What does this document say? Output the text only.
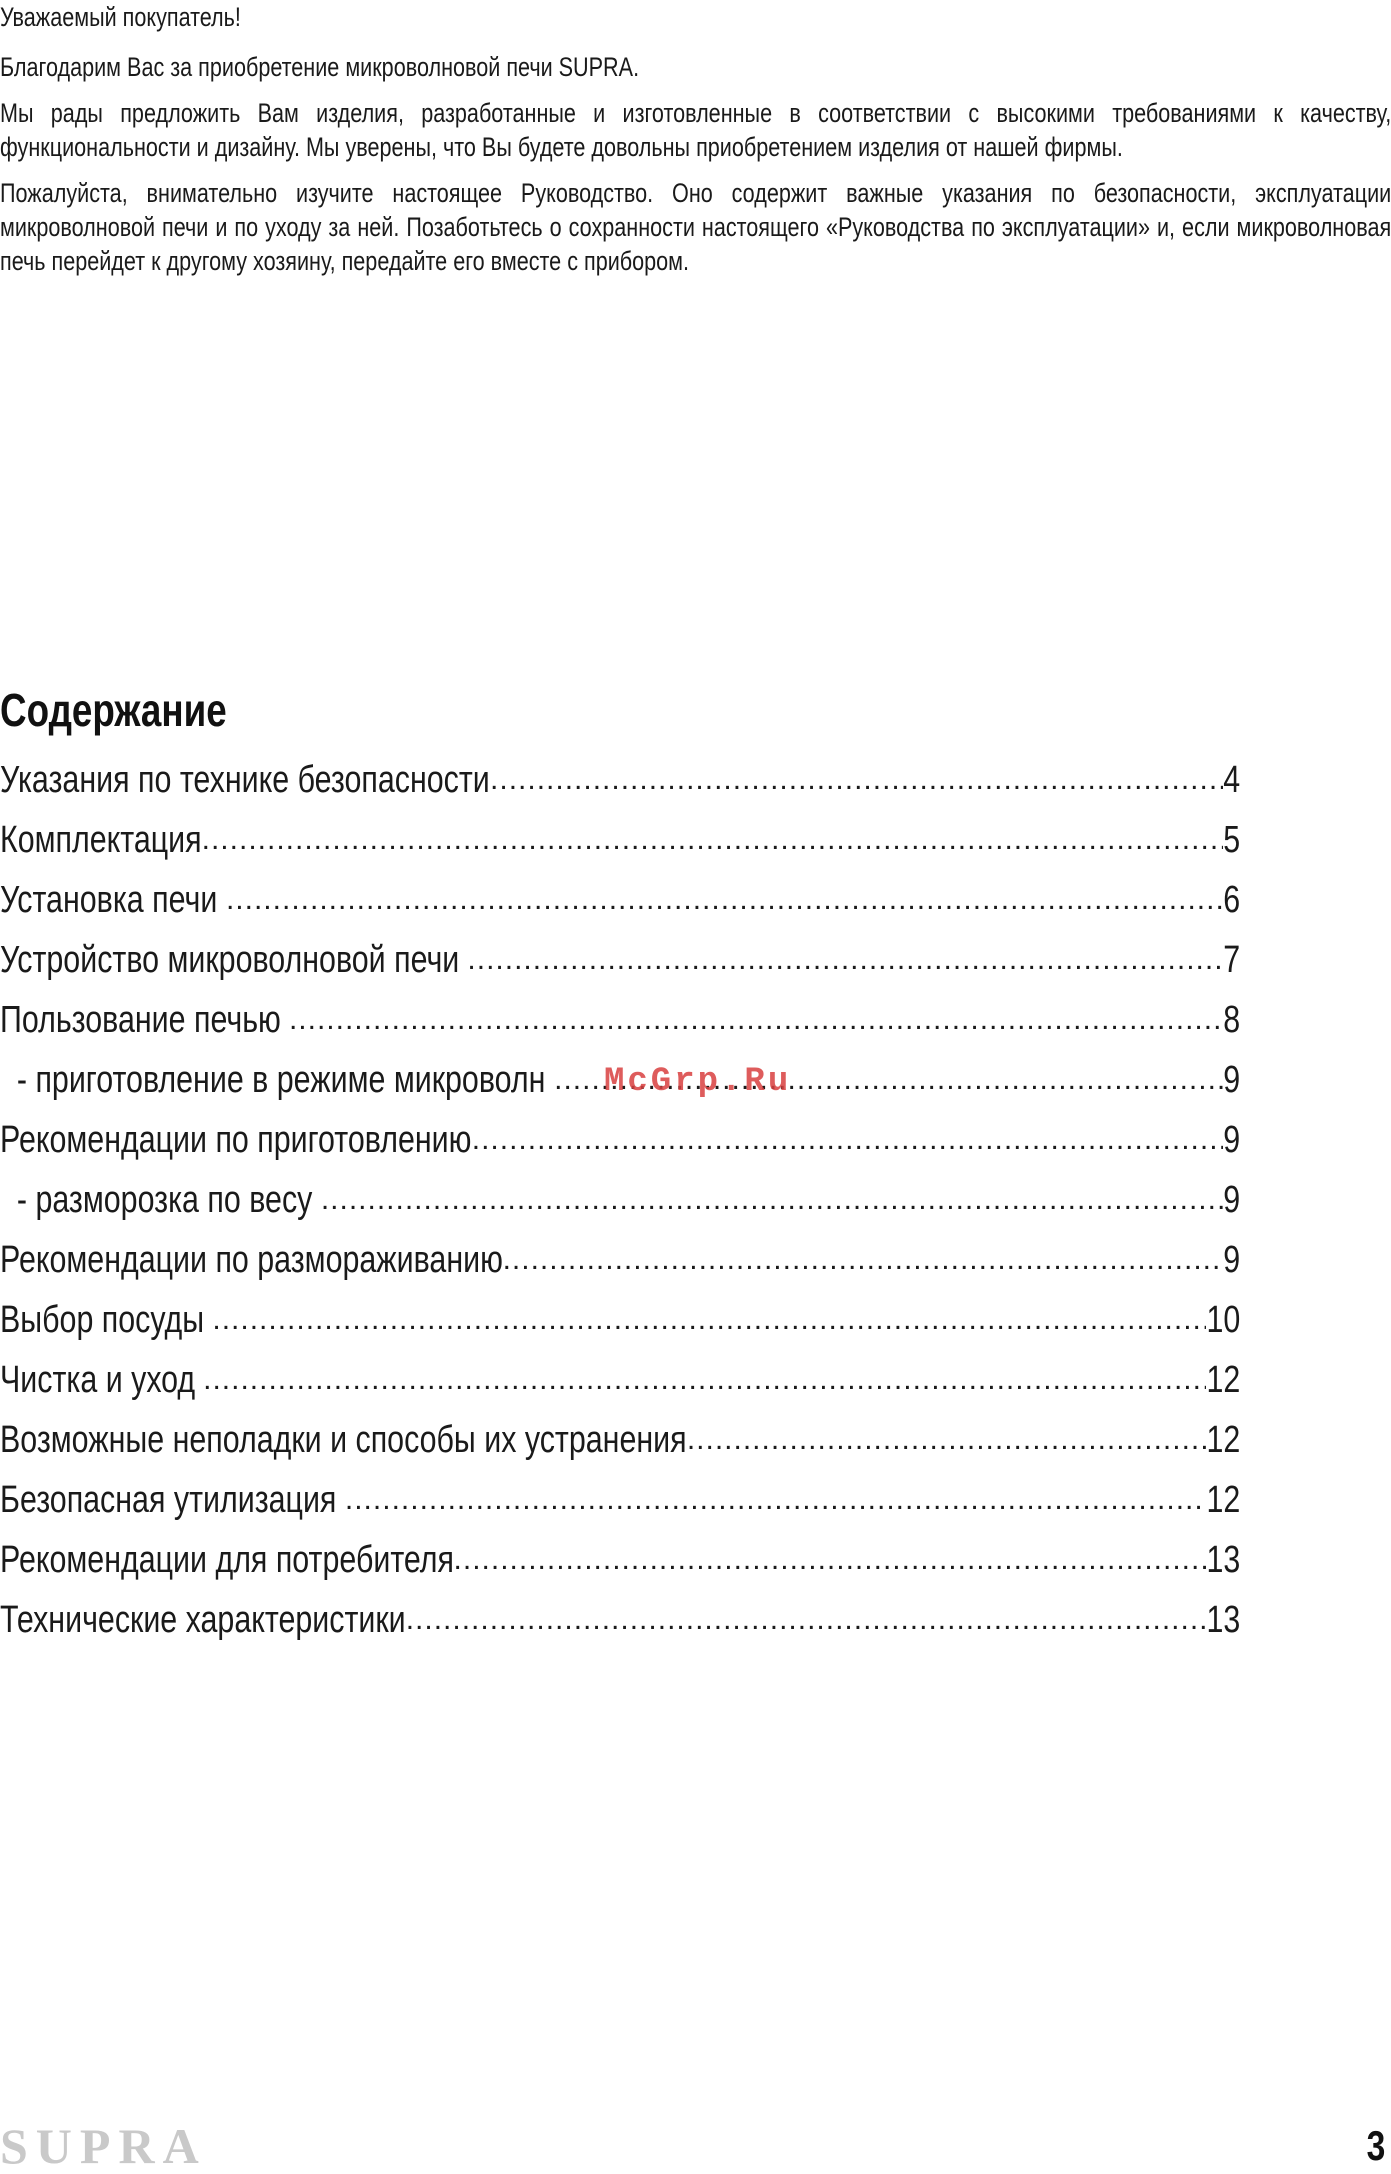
Уважаемый покупатель!

Благодарим Вас за приобретение микроволновой печи SUPRA.

Мы рады предложить Вам изделия, разработанные и изготовленные в соответствии с высокими требованиями к качеству, функциональности и дизайну. Мы уверены, что Вы будете довольны приобретением изделия от нашей фирмы.

Пожалуйста, внимательно изучите настоящее Руководство. Оно содержит важные указания по безопасности, эксплуатации микроволновой печи и по уходу за ней. Позаботьтесь о сохранности настоящего «Руководства по эксплуатации» и, если микроволновая печь перейдет к другому хозяину, передайте его вместе с прибором.

Содержание
Указания по технике безопасности .....	4
Комплектация .....	5
Установка печи .....	6
Устройство микроволновой печи .....	7
Пользование печью .....	8
- приготовление в режиме микроволн .....	9
Рекомендации по приготовлению .....	9
- разморозка по весу .....	9
Рекомендации по размораживанию .....	9
Выбор посуды .....	10
Чистка и уход .....	12
Возможные неполадки и способы их устранения .....	12
Безопасная утилизация .....	12
Рекомендации для потребителя .....	13
Технические характеристики .....	13
McGrp.Ru
SUPRA	3
